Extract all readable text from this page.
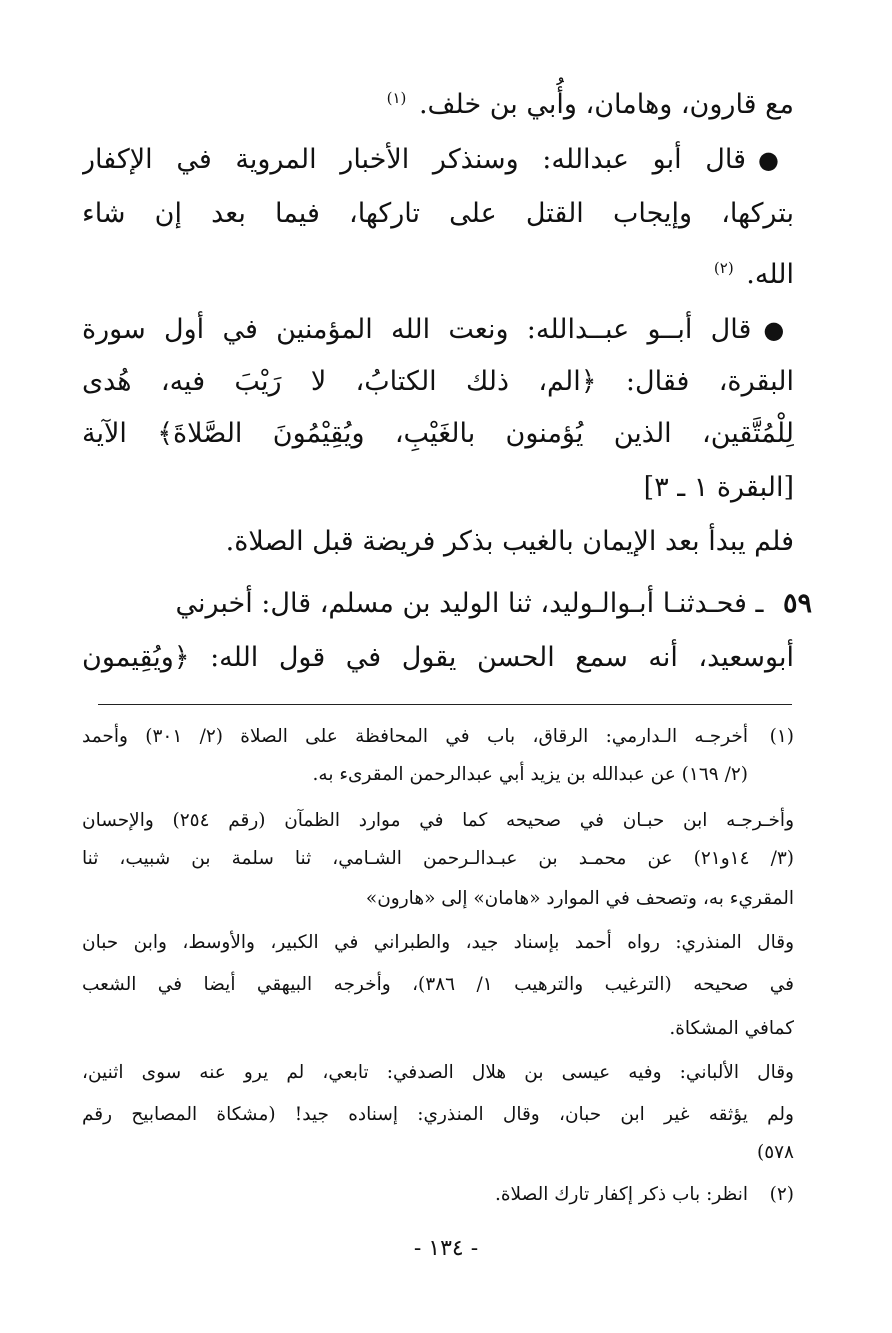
مع قارون، وهامان، وأُبي بن خلف. $^{(١)}$
● قال أبو عبدالله: وسنذكر الأخبار المروية في الإكفار
بتركها، وإيجاب القتل على تاركها، فيما بعد إن شاء
الله. $^{(٢)}$
● قال أبــو عبــدالله: ونعت الله المؤمنين في أول سورة
البقرة، فقال: ﴿الم، ذلك الكتابُ، لا رَيْبَ فيه، هُدى
لِلْمُتَّقين، الذين يُؤمنون بالغَيْبِ، ويُقِيْمُونَ الصَّلاةَ﴾ الآية
[البقرة ١ ـ ٣]
فلم يبدأ بعد الإيمان بالغيب بذكر فريضة قبل الصلاة.
٥٩ ـ فحـدثنـا أبـوالـوليد، ثنا الوليد بن مسلم، قال: أخبرني
أبوسعيد، أنه سمع الحسن يقول في قول الله: ﴿ويُقِيمون
(١)
أخرجـه الـدارمي: الرقاق، باب في المحافظة على الصلاة (٢/ ٣٠١) وأحمد
(٢/ ١٦٩) عن عبدالله بن يزيد أبي عبدالرحمن المقرىء به.
وأخـرجـه ابن حبـان في صحيحه كما في موارد الظمآن (رقم ٢٥٤) والإحسان
(٣/ ١٤و٢١) عن محمـد بن عبـدالـرحمن الشـامي، ثنا سلمة بن شبيب، ثنا
المقريء به، وتصحف في الموارد «هامان» إلى «هارون»
وقال المنذري: رواه أحمد بإسناد جيد، والطبراني في الكبير، والأوسط، وابن حبان
في صحيحه (الترغيب والترهيب ١/ ٣٨٦)، وأخرجه البيهقي أيضا في الشعب
كمافي المشكاة.
وقال الألباني: وفيه عيسى بن هلال الصدفي: تابعي، لم يرو عنه سوى اثنين،
ولم يؤثقه غير ابن حبان، وقال المنذري: إسناده جيد! (مشكاة المصابيح رقم
٥٧٨)
(٢)
انظر: باب ذكر إكفار تارك الصلاة.
- ١٣٤ -
